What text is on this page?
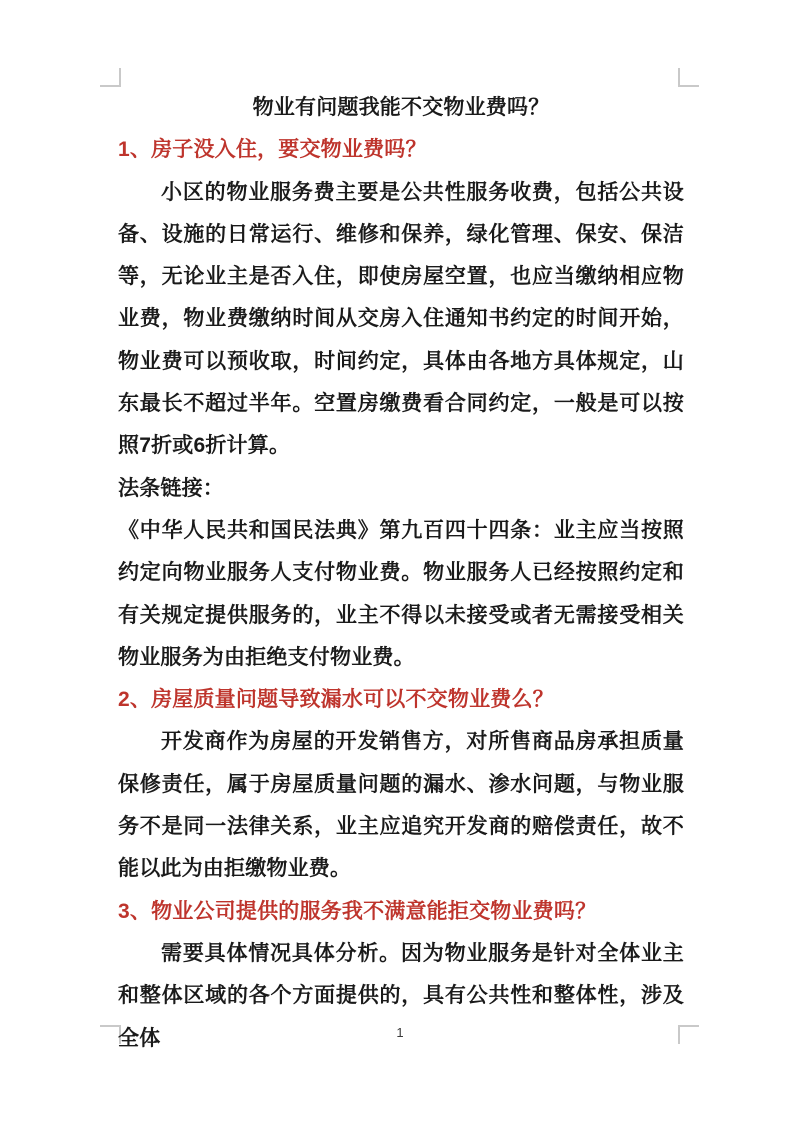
物业有问题我能不交物业费吗？

1、房子没入住，要交物业费吗？

小区的物业服务费主要是公共性服务收费，包括公共设备、设施的日常运行、维修和保养，绿化管理、保安、保洁等，无论业主是否入住，即使房屋空置，也应当缴纳相应物业费，物业费缴纳时间从交房入住通知书约定的时间开始，物业费可以预收取，时间约定，具体由各地方具体规定，山东最长不超过半年。空置房缴费看合同约定，一般是可以按照7折或6折计算。

法条链接：

《中华人民共和国民法典》第九百四十四条：业主应当按照约定向物业服务人支付物业费。物业服务人已经按照约定和有关规定提供服务的，业主不得以未接受或者无需接受相关物业服务为由拒绝支付物业费。

2、房屋质量问题导致漏水可以不交物业费么？

开发商作为房屋的开发销售方，对所售商品房承担质量保修责任，属于房屋质量问题的漏水、渗水问题，与物业服务不是同一法律关系，业主应追究开发商的赔偿责任，故不能以此为由拒缴物业费。

3、物业公司提供的服务我不满意能拒交物业费吗？

需要具体情况具体分析。因为物业服务是针对全体业主和整体区域的各个方面提供的，具有公共性和整体性，涉及全体	1
